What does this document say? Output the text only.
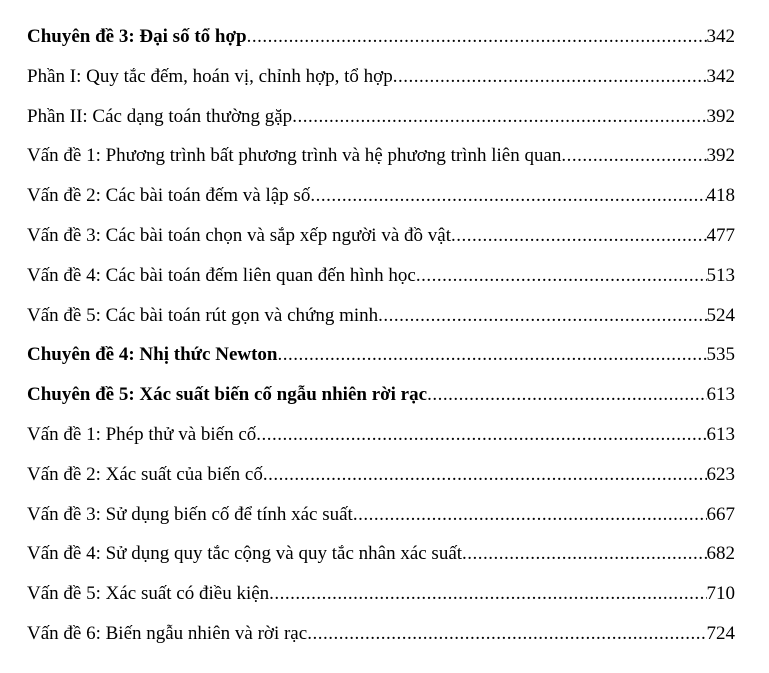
Chuyên đề 3: Đại số tổ hợp .....	342
Phần I: Quy tắc đếm, hoán vị, chỉnh hợp, tổ hợp .....	342
Phần II: Các dạng toán thường gặp .....	392
Vấn đề 1: Phương trình bất phương trình và hệ phương trình liên quan .....	392
Vấn đề 2: Các bài toán đếm và lập số .....	418
Vấn đề 3: Các bài toán chọn và sắp xếp người và đồ vật .....	477
Vấn đề 4: Các bài toán đếm liên quan đến hình học .....	513
Vấn đề 5: Các bài toán rút gọn và chứng minh .....	524
Chuyên đề 4: Nhị thức Newton .....	535
Chuyên đề 5: Xác suất biến cố ngẫu nhiên rời rạc .....	613
Vấn đề 1: Phép thử và biến cố .....	613
Vấn đề 2: Xác suất của biến cố .....	623
Vấn đề 3: Sử dụng biến cố để tính xác suất .....	667
Vấn đề 4: Sử dụng quy tắc cộng và quy tắc nhân xác suất .....	682
Vấn đề 5: Xác suất có điều kiện .....	710
Vấn đề 6: Biến ngẫu nhiên và rời rạc .....	724
